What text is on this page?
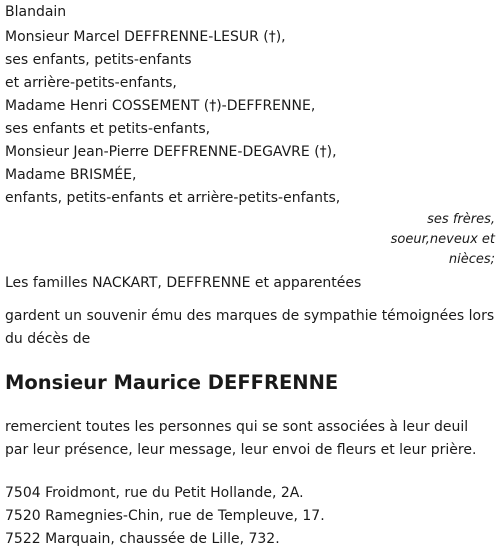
Blandain
Monsieur Marcel DEFFRENNE-LESUR (†),
ses enfants, petits-enfants
et arrière-petits-enfants,
Madame Henri COSSEMENT (†)-DEFFRENNE,
ses enfants et petits-enfants,
Monsieur Jean-Pierre DEFFRENNE-DEGAVRE (†),
Madame BRISMÉE,
enfants, petits-enfants et arrière-petits-enfants,
ses frères,
soeur,neveux et
nièces;
Les familles NACKART, DEFFRENNE et apparentées
gardent un souvenir ému des marques de sympathie témoignées lors du décès de
Monsieur Maurice DEFFRENNE
remercient toutes les personnes qui se sont associées à leur deuil par leur présence, leur message, leur envoi de fleurs et leur prière.
7504 Froidmont, rue du Petit Hollande, 2A.
7520 Ramegnies-Chin, rue de Templeuve, 17.
7522 Marquain, chaussée de Lille, 732.
